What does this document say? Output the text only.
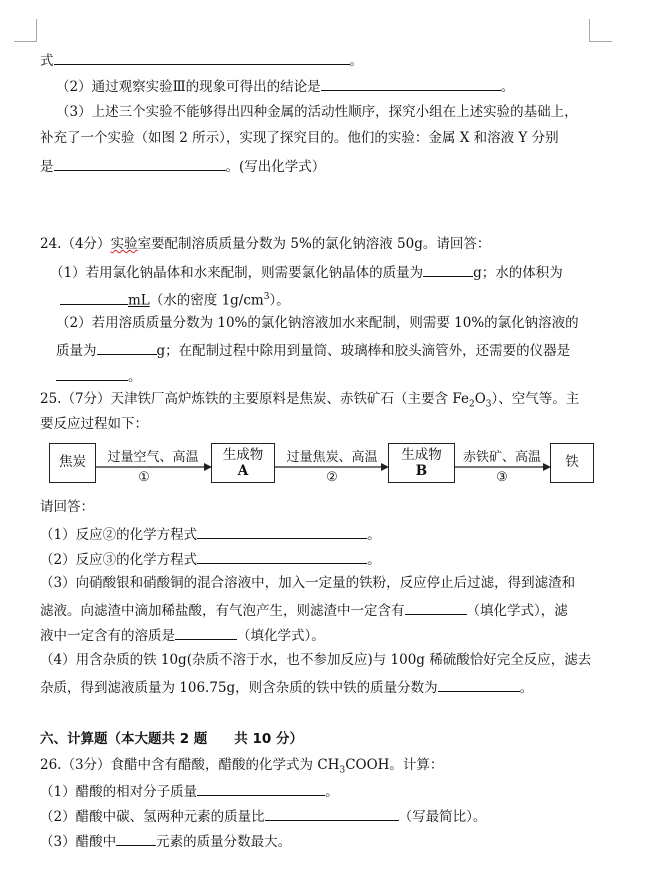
式	。
（2）通过观察实验Ⅲ的现象可得出的结论是	。
（3）上述三个实验不能够得出四种金属的活动性顺序，探究小组在上述实验的基础上，
补充了一个实验（如图 2 所示），实现了探究目的。他们的实验：金属 X 和溶液 Y 分别
是	。(写出化学式）
24.（4分）实验室要配制溶质质量分数为 5%的氯化钠溶液 50g。请回答：
（1）若用氯化钠晶体和水来配制，则需要氯化钠晶体的质量为	g；水的体积为
mL（水的密度 $1g/cm^3$）。
（2）若用溶质质量分数为 10%的氯化钠溶液加水来配制，则需要 10%的氯化钠溶液的
质量为	g；在配制过程中除用到量筒、玻璃棒和胶头滴管外，还需要的仪器是
。
25.（7分）天津铁厂高炉炼铁的主要原料是焦炭、赤铁矿石（主要含 $Fe_2O_3$）、空气等。主
要反应过程如下：
焦炭	过量空气、高温
①
生成物
A
过量焦炭、高温
②
生成物
B
赤铁矿、高温
③
铁
请回答：
（1）反应②的化学方程式	。
（2）反应③的化学方程式	。
（3）向硝酸银和硝酸铜的混合溶液中，加入一定量的铁粉，反应停止后过滤，得到滤渣和
滤液。向滤渣中滴加稀盐酸，有气泡产生，则滤渣中一定含有	（填化学式），滤
液中一定含有的溶质是	（填化学式）。
（4）用含杂质的铁 10g(杂质不溶于水，也不参加反应)与 100g 稀硫酸恰好完全反应，滤去
杂质，得到滤液质量为 106.75g，则含杂质的铁中铁的质量分数为	。
六、计算题（本大题共 2 题　　共 10 分）
26.（3分）食醋中含有醋酸，醋酸的化学式为 $CH_3COOH$。计算：
（1）醋酸的相对分子质量	。
（2）醋酸中碳、氢两种元素的质量比	（写最简比）。
（3）醋酸中	元素的质量分数最大。
